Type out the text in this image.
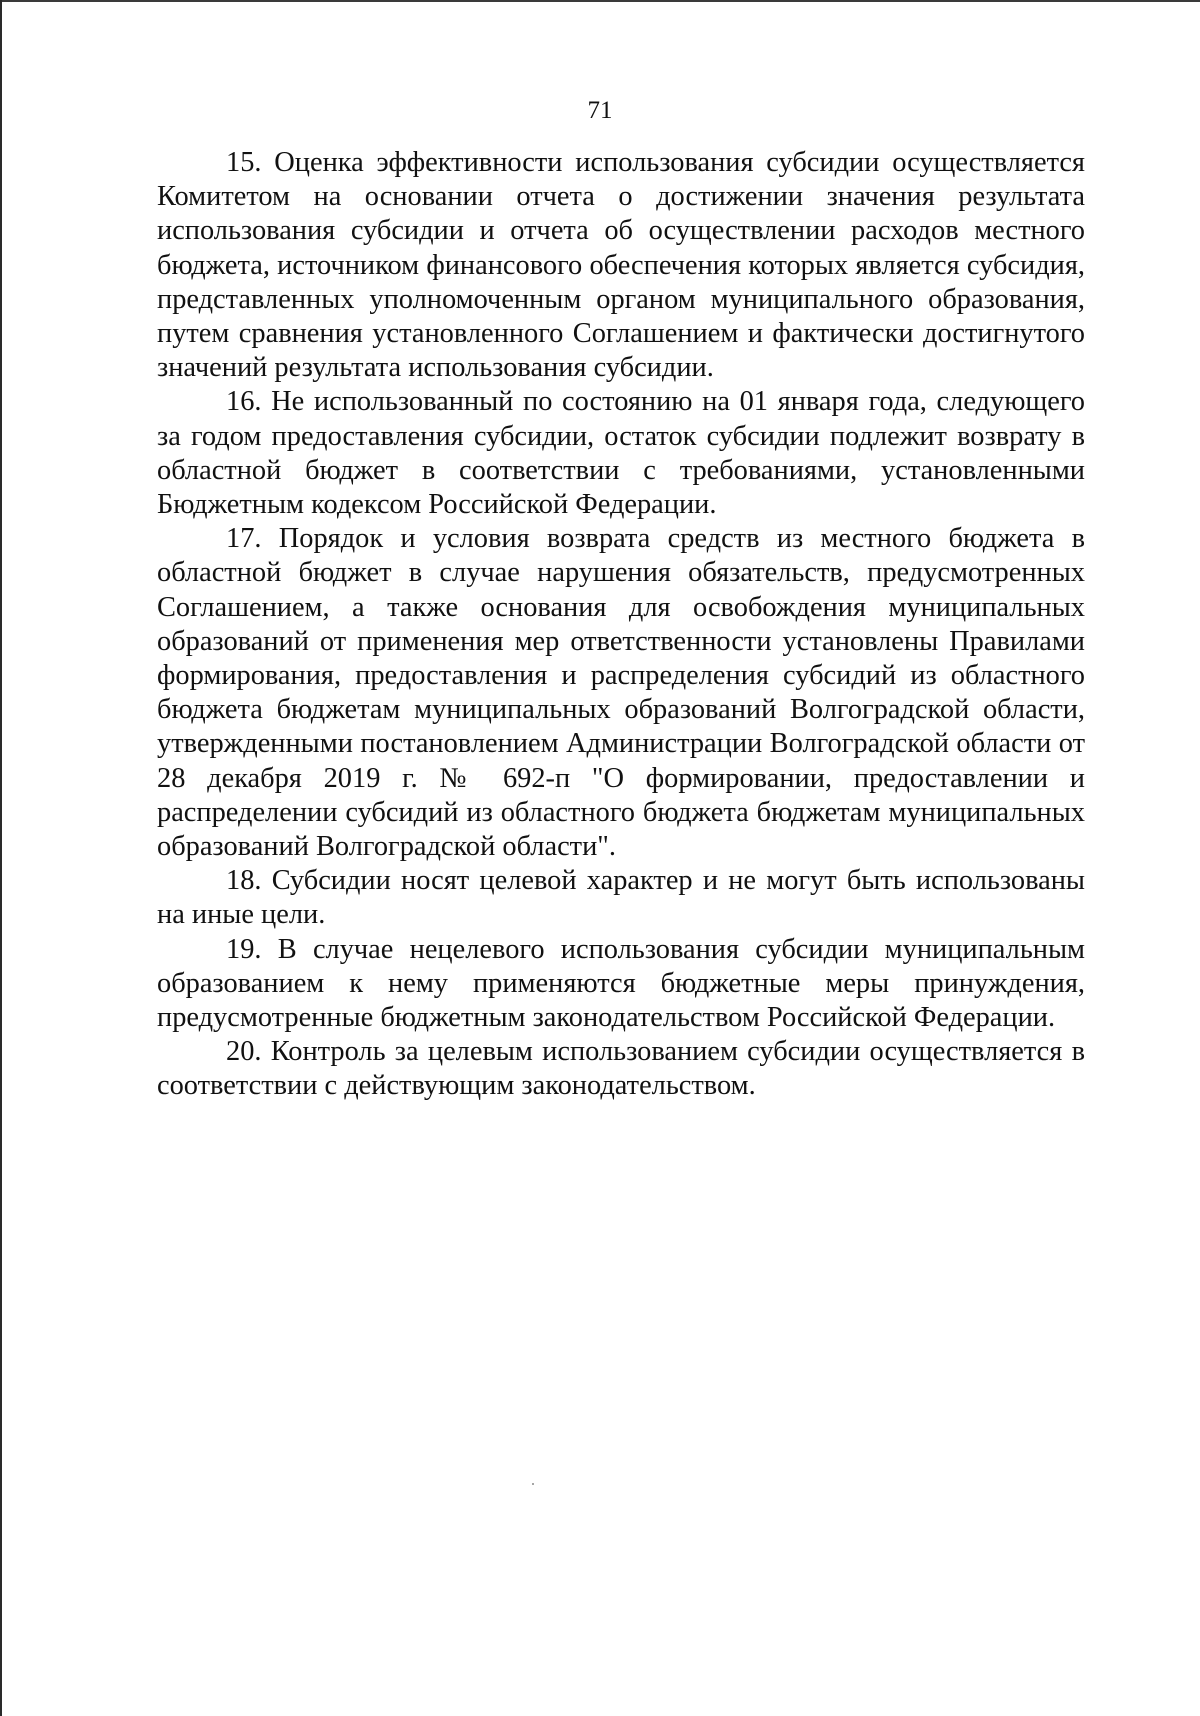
71

15. Оценка эффективности использования субсидии осуществляется Комитетом на основании отчета о достижении значения результата использования субсидии и отчета об осуществлении расходов местного бюджета, источником финансового обеспечения которых является субсидия, представленных уполномоченным органом муниципального образования, путем сравнения установленного Соглашением и фактически достигнутого значений результата использования субсидии.

16. Не использованный по состоянию на 01 января года, следующего за годом предоставления субсидии, остаток субсидии подлежит возврату в областной бюджет в соответствии с требованиями, установленными Бюджетным кодексом Российской Федерации.

17. Порядок и условия возврата средств из местного бюджета в областной бюджет в случае нарушения обязательств, предусмотренных Соглашением, а также основания для освобождения муниципальных образований от применения мер ответственности установлены Правилами формирования, предоставления и распределения субсидий из областного бюджета бюджетам муниципальных образований Волгоградской области, утвержденными постановлением Администрации Волгоградской области от 28 декабря 2019 г. № 692-п "О формировании, предоставлении и распределении субсидий из областного бюджета бюджетам муниципальных образований Волгоградской области".

18. Субсидии носят целевой характер и не могут быть использованы на иные цели.

19. В случае нецелевого использования субсидии муниципальным образованием к нему применяются бюджетные меры принуждения, предусмотренные бюджетным законодательством Российской Федерации.

20. Контроль за целевым использованием субсидии осуществляется в соответствии с действующим законодательством.
